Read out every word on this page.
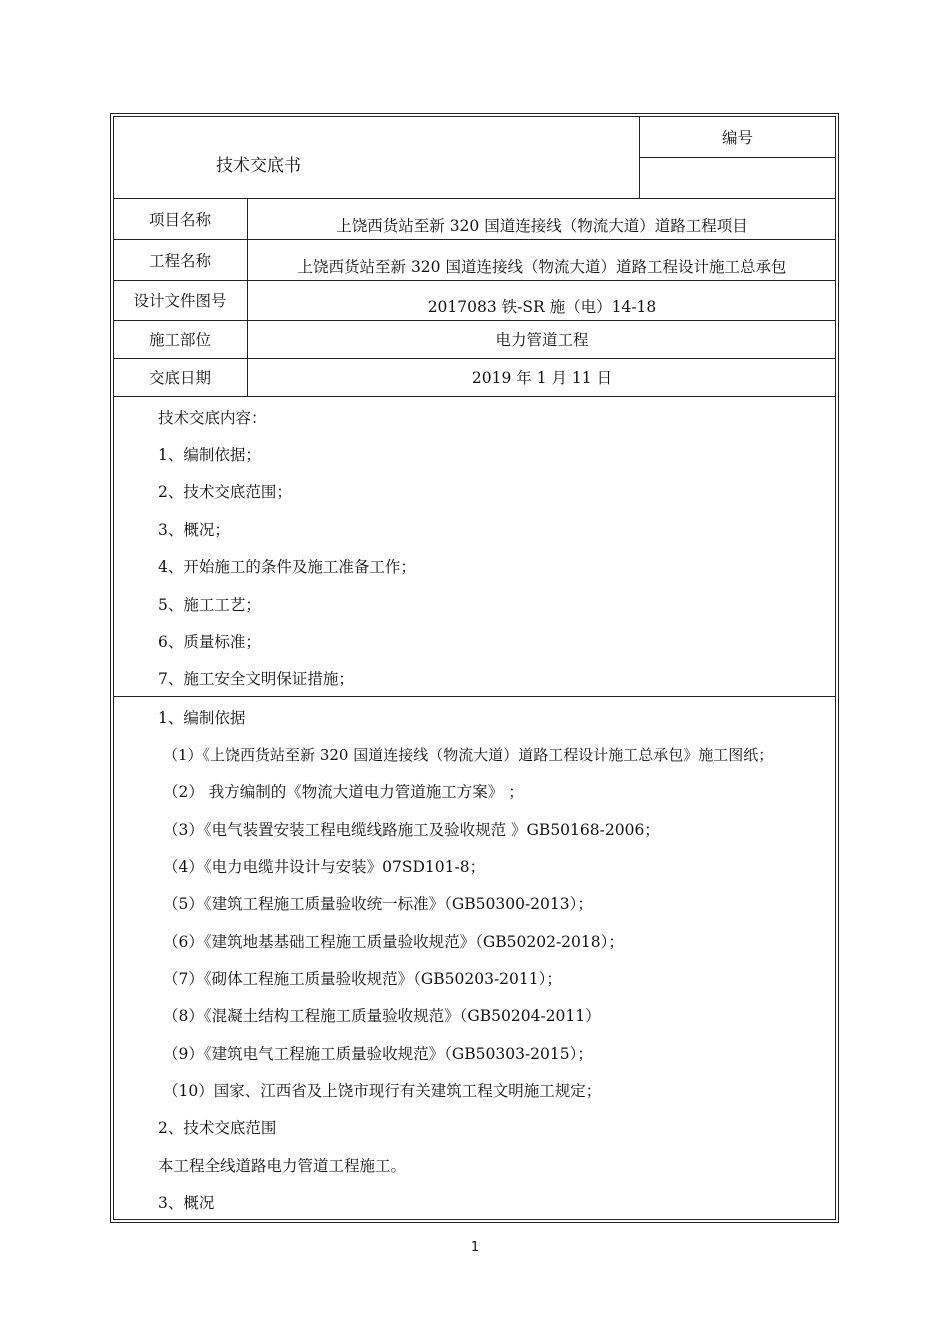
技术交底书
编号
项目名称	上饶西货站至新 320 国道连接线（物流大道）道路工程项目
工程名称	上饶西货站至新 320 国道连接线（物流大道）道路工程设计施工总承包
设计文件图号	2017083 铁-SR 施（电）14-18
施工部位	电力管道工程
交底日期	2019 年 1 月 11 日
技术交底内容：
1、编制依据；
2、技术交底范围；
3、概况；
4、开始施工的条件及施工准备工作；
5、施工工艺；
6、质量标准；
7、施工安全文明保证措施；
1、编制依据
（1）《上饶西货站至新 320 国道连接线（物流大道）道路工程设计施工总承包》施工图纸；
（2） 我方编制的《物流大道电力管道施工方案》 ；
（3）《电气装置安装工程电缆线路施工及验收规范 》GB50168-2006；
（4）《电力电缆井设计与安装》07SD101-8；
（5）《建筑工程施工质量验收统一标准》（GB50300-2013）；
（6）《建筑地基基础工程施工质量验收规范》（GB50202-2018）；
（7）《砌体工程施工质量验收规范》（GB50203-2011）；
（8）《混凝土结构工程施工质量验收规范》（GB50204-2011）
（9）《建筑电气工程施工质量验收规范》（GB50303-2015）；
（10）国家、江西省及上饶市现行有关建筑工程文明施工规定；
2、技术交底范围
本工程全线道路电力管道工程施工。
3、概况
1
